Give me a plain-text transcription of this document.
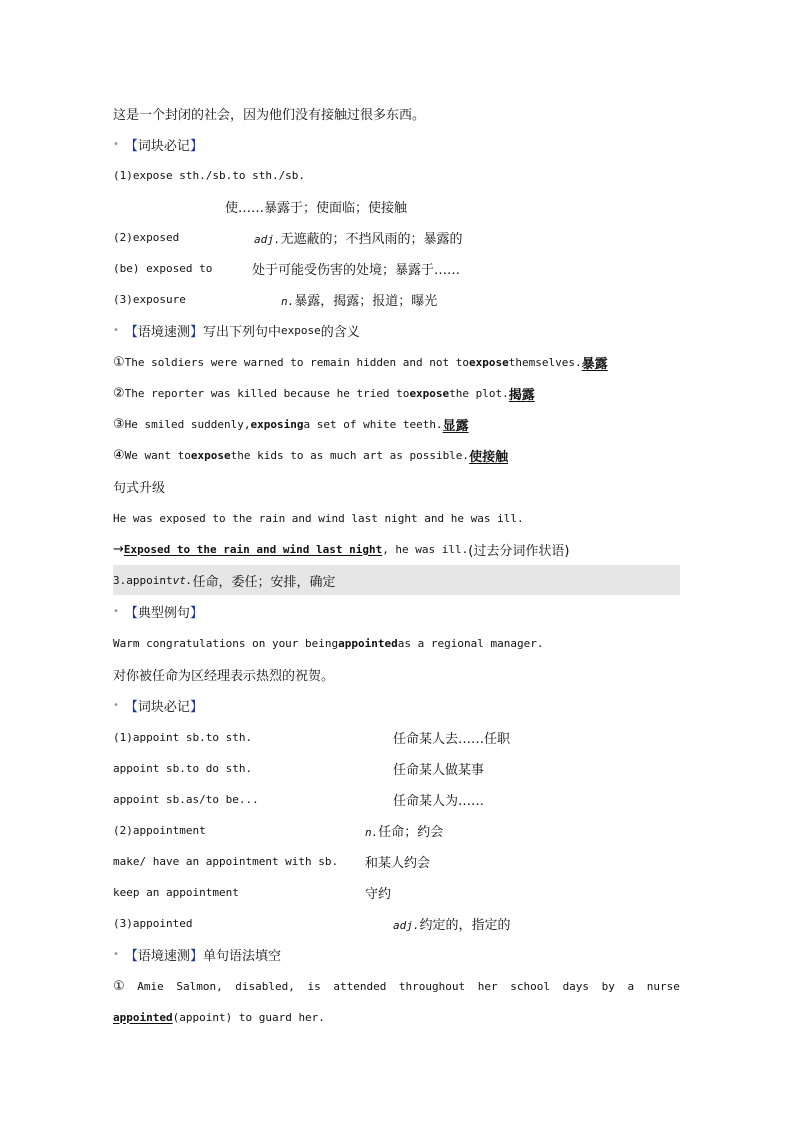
这是一个封闭的社会，因为他们没有接触过很多东西。
• 【 词块必记 】
(1)expose sth./sb.to sth./sb.
使……暴露于；使面临；使接触
(2)exposed	adj.无遮蔽的；不挡风雨的；暴露的
(be) exposed to	处于可能受伤害的处境；暴露于……
(3)exposure	n.暴露，揭露；报道；曝光
• 【 语境速测 】 写出下列句中 expose 的含义
① The soldiers were warned to remain hidden and not to expose themselves. 暴露
② The reporter was killed because he tried to expose the plot. 揭露
③ He smiled suddenly, exposing a set of white teeth. 显露
④ We want to expose the kids to as much art as possible. 使接触
句式升级
He was exposed to the rain and wind last night and he was ill.
→ Exposed to the rain and wind last night , he was ill. (过去分词作状语)
3.appoint vt. 任命，委任；安排，确定
• 【 典型例句 】
Warm congratulations on your being appointed as a regional manager.
对你被任命为区经理表示热烈的祝贺。
• 【 词块必记 】
(1)appoint sb.to sth.	任命某人去……任职
appoint sb.to do sth.	任命某人做某事
appoint sb.as/to be...	任命某人为……
(2)appointment	n.任命；约会
make/ have an appointment with sb. 和某人约会
keep an appointment	守约
(3)appointed	adj.约定的，指定的
• 【 语境速测 】 单句语法填空
① Amie Salmon, disabled, is attended throughout her school days by a nurse
appointed (appoint) to guard her.
